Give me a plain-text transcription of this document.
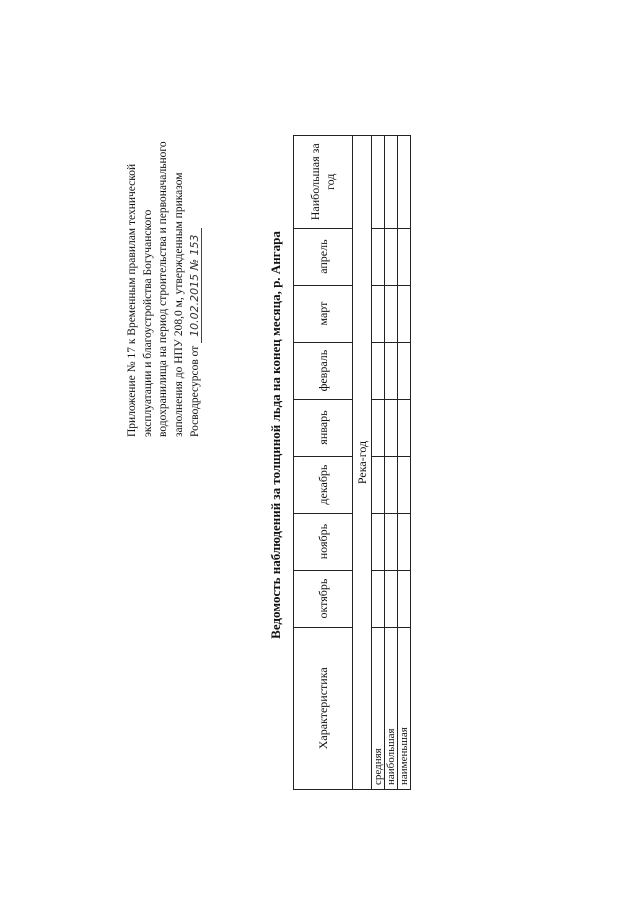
Приложение № 17 к Временным правилам технической эксплуатации и благоустройства Богучанского водохранилища на период строительства и первоначального заполнения до НПУ 208,0 м, утвержденным приказом Росводресурсов от 10.02.2015 № 153	Ведомость наблюдений за толщиной льда на конец месяца, р. Ангара
Характеристика	октябрь	ноябрь	декабрь	январь	февраль	март	апрель	Наибольшая за год
Река-год								
средняя								
наибольшая								
наименьшая								
